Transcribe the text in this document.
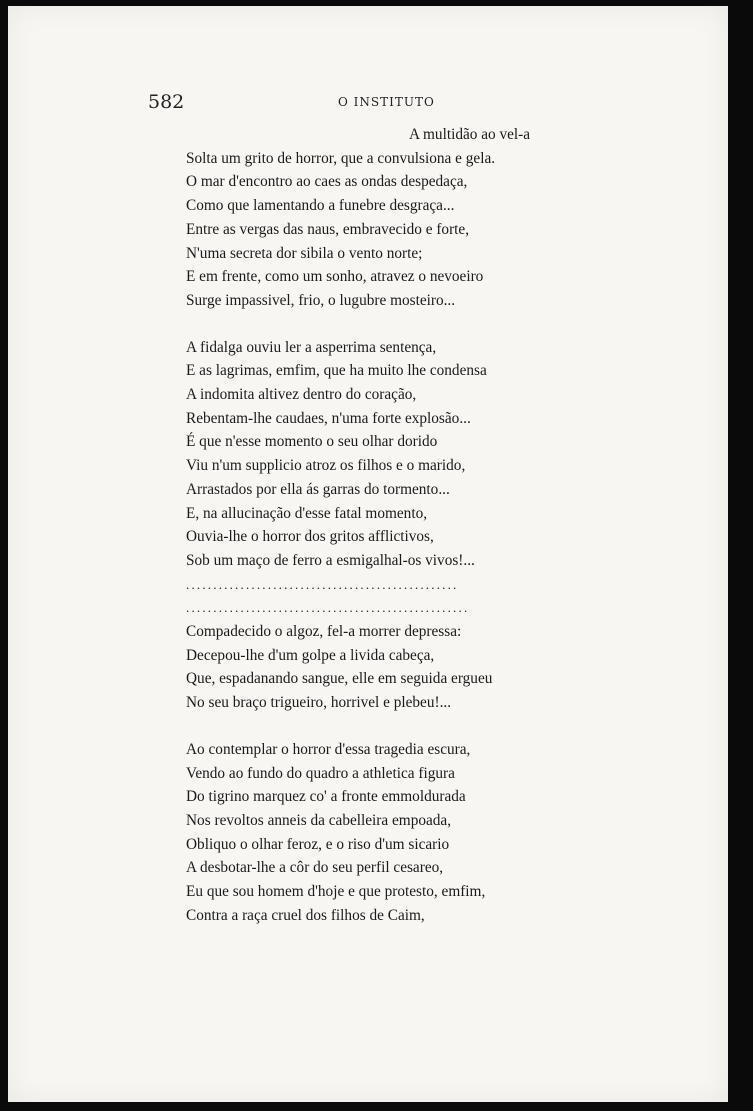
582	O INSTITUTO
A multidão ao vel-a
Solta um grito de horror, que a convulsiona e gela.
O mar d'encontro ao caes as ondas despedaça,
Como que lamentando a funebre desgraça...
Entre as vergas das naus, embravecido e forte,
N'uma secreta dor sibila o vento norte;
E em frente, como um sonho, atravez o nevoeiro
Surge impassivel, frio, o lugubre mosteiro...
A fidalga ouviu ler a asperrima sentença,
E as lagrimas, emfim, que ha muito lhe condensa
A indomita altivez dentro do coração,
Rebentam-lhe caudaes, n'uma forte explosão...
É que n'esse momento o seu olhar dorido
Viu n'um supplicio atroz os filhos e o marido,
Arrastados por ella ás garras do tormento...
E, na allucinação d'esse fatal momento,
Ouvia-lhe o horror dos gritos afflictivos,
Sob um maço de ferro a esmigalhal-os vivos!...
..................................................
....................................................
Compadecido o algoz, fel-a morrer depressa:
Decepou-lhe d'um golpe a livida cabeça,
Que, espadanando sangue, elle em seguida ergueu
No seu braço trigueiro, horrivel e plebeu!...
Ao contemplar o horror d'essa tragedia escura,
Vendo ao fundo do quadro a athletica figura
Do tigrino marquez co' a fronte emmoldurada
Nos revoltos anneis da cabelleira empoada,
Obliquo o olhar feroz, e o riso d'um sicario
A desbotar-lhe a côr do seu perfil cesareo,
Eu que sou homem d'hoje e que protesto, emfim,
Contra a raça cruel dos filhos de Caim,
